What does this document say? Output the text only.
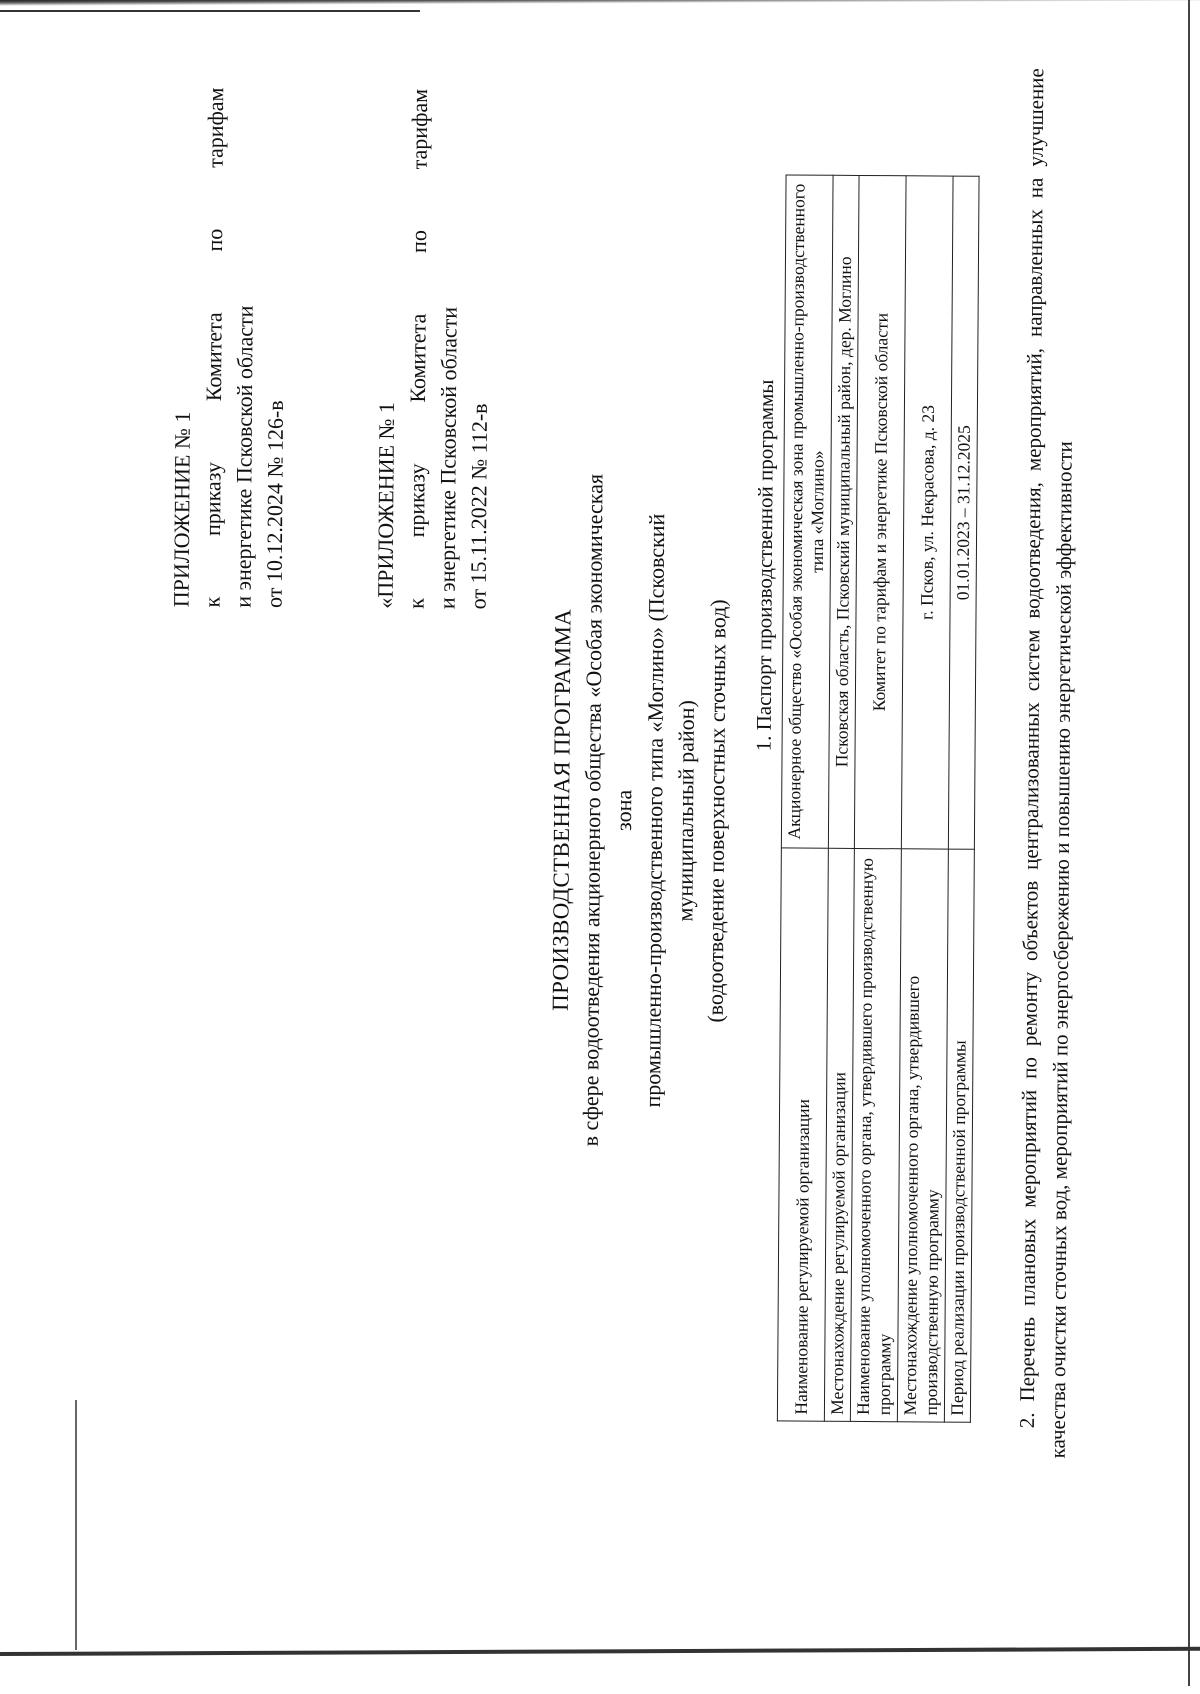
ПРИЛОЖЕНИЕ № 1 к
приказу
Комитета
по
тарифам
и энергетике Псковской области от 10.12.2024 № 126-в	«ПРИЛОЖЕНИЕ № 1 к
приказу
Комитета
по
тарифам
и энергетике Псковской области от 15.11.2022 № 112-в
ПРОИЗВОДСТВЕННАЯ ПРОГРАММА в сфере водоотведения акционерного общества «Особая экономическая зона промышленно-производственного типа «Моглино» (Псковский муниципальный район) (водоотведение поверхностных сточных вод)
1. Паспорт производственной программы
Наименование регулируемой организации	Акционерное общество «Особая экономическая зона промышленно-производственного типа «Моглино»
Местонахождение регулируемой организации	Псковская область, Псковский муниципальный район, дер. Моглино
Наименование уполномоченного органа, утвердившего производственную программу	Комитет по тарифам и энергетике Псковской области
Местонахождение уполномоченного органа, утвердившего производственную программу	г. Псков, ул. Некрасова, д. 23
Период реализации производственной программы	01.01.2023 – 31.12.2025 2. Перечень плановых мероприятий по ремонту объектов централизованных систем водоотведения, мероприятий, направленных на улучшение качества очистки сточных вод, мероприятий по энергосбережению и повышению энергетической эффективности
